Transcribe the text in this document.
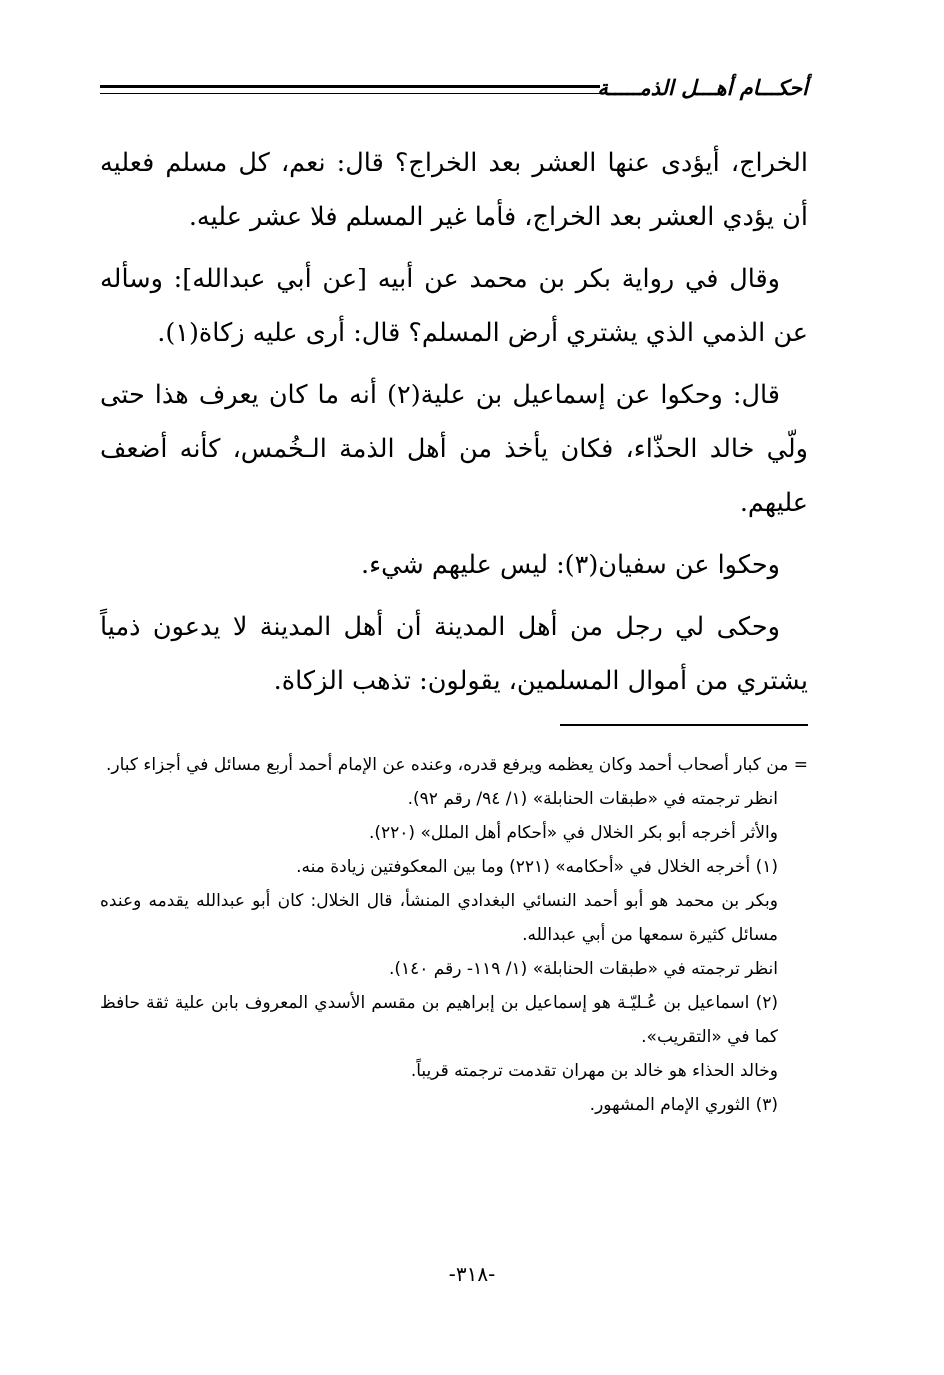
أحكـــام أهـــل الذمـــــة

الخراج، أيؤدى عنها العشر بعد الخراج؟ قال: نعم، كل مسلم فعليه أن يؤدي العشر بعد الخراج، فأما غير المسلم فلا عشر عليه.

وقال في رواية بكر بن محمد عن أبيه [عن أبي عبدالله]: وسأله عن الذمي الذي يشتري أرض المسلم؟ قال: أرى عليه زكاة(١).

قال: وحكوا عن إسماعيل بن علية(٢) أنه ما كان يعرف هذا حتى ولّي خالد الحذّاء، فكان يأخذ من أهل الذمة الـخُمس، كأنه أضعف عليهم.

وحكوا عن سفيان(٣): ليس عليهم شيء.

وحكى لي رجل من أهل المدينة أن أهل المدينة لا يدعون ذمياً يشتري من أموال المسلمين، يقولون: تذهب الزكاة.

= من كبار أصحاب أحمد وكان يعظمه ويرفع قدره، وعنده عن الإمام أحمد أربع مسائل في أجزاء كبار.

انظر ترجمته في «طبقات الحنابلة» (١/ ٩٤/ رقم ٩٢).

والأثر أخرجه أبو بكر الخلال في «أحكام أهل الملل» (٢٢٠).

(١) أخرجه الخلال في «أحكامه» (٢٢١) وما بين المعكوفتين زيادة منه.

وبكر بن محمد هو أبو أحمد النسائي البغدادي المنشأ، قال الخلال: كان أبو عبدالله يقدمه وعنده مسائل كثيرة سمعها من أبي عبدالله.

انظر ترجمته في «طبقات الحنابلة» (١/ ١١٩- رقم ١٤٠).

(٢) اسماعيل بن عُـليّـة هو إسماعيل بن إبراهيم بن مقسم الأسدي المعروف بابن علية ثقة حافظ كما في «التقريب».

وخالد الحذاء هو خالد بن مهران تقدمت ترجمته قريباً.

(٣) الثوري الإمام المشهور.

-٣١٨-
